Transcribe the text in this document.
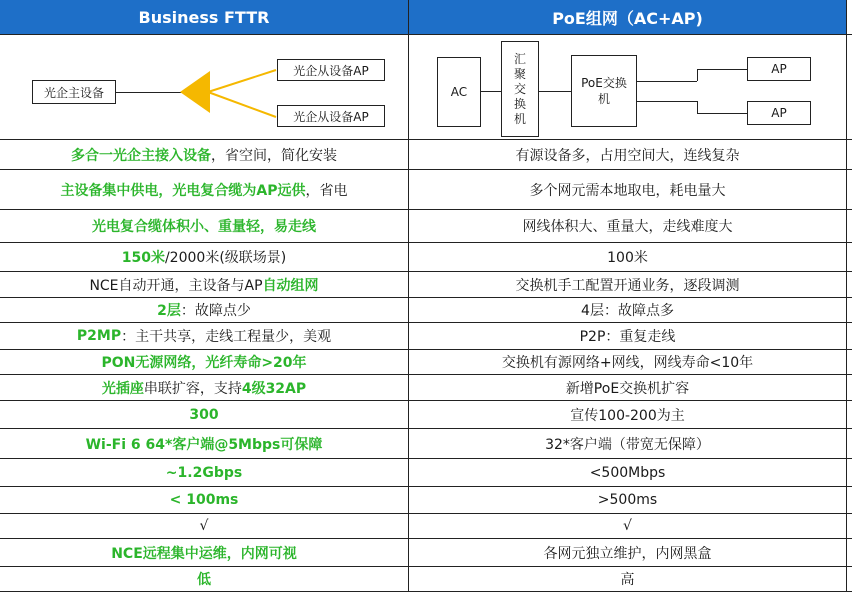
Business FTTR	PoE组网（AC+AP)
光企主设备
光企从设备AP
光企从设备AP
AC
汇
聚
交
换
机
PoE交换机
AP
AP
多合一光企主接入设备 ，省空间，简化安装	有源设备多，占用空间大，连线复杂
主设备集中供电，光电复合缆为AP远供 ，省电	多个网元需本地取电，耗电量大
光电复合缆体积小、重量轻，易走线	网线体积大、重量大，走线难度大
150米 /2000米(级联场景)	100米
NCE自动开通，主设备与AP 自动组网	交换机手工配置开通业务，逐段调测
2层 ：故障点少	4层：故障点多
P2MP ：主干共享，走线工程量少，美观	P2P：重复走线
PON无源网络，光纤寿命>20年	交换机有源网络+网线，网线寿命<10年
光插座 串联扩容，支持 4级32AP	新增PoE交换机扩容
300	宣传100-200为主
Wi-Fi 6 64*客户端@5Mbps可保障	32*客户端（带宽无保障）
~1.2Gbps	<500Mbps
< 100ms	>500ms
√	√
NCE远程集中运维，内网可视	各网元独立维护，内网黑盒
低	高
